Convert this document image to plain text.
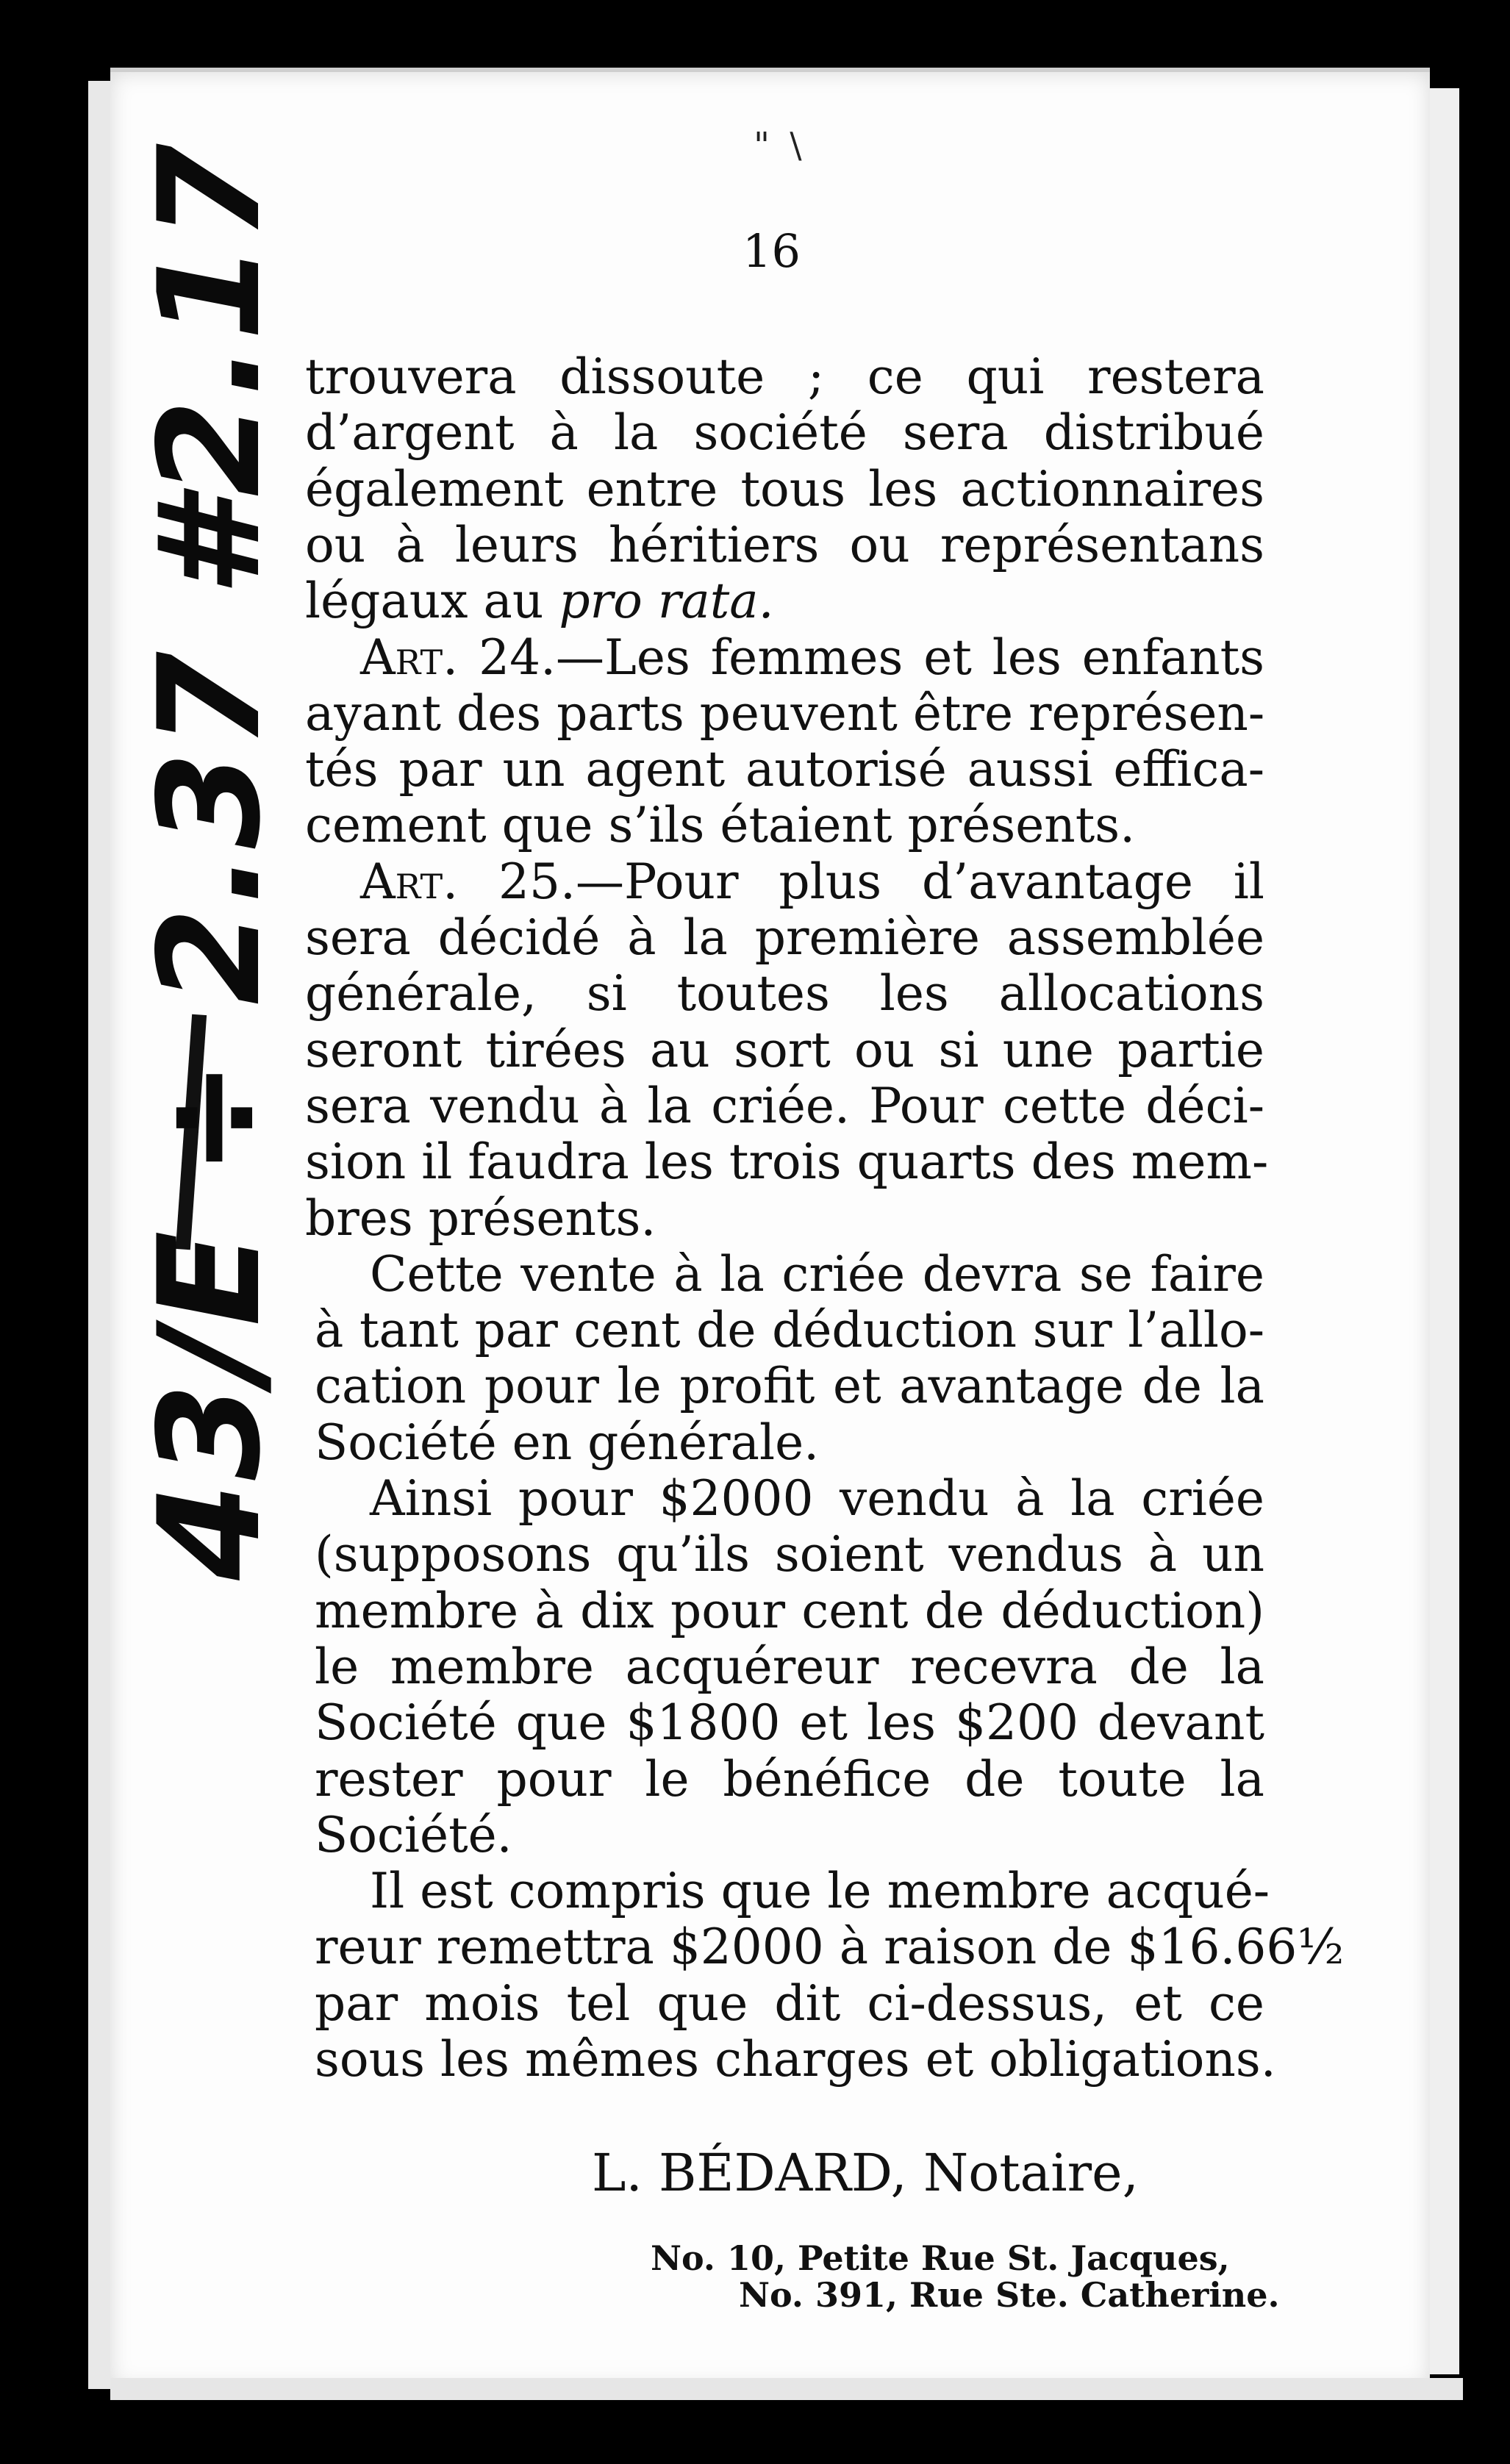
" \
16
trouvera dissoute ; ce qui restera
d’argent à la société sera distribué
également entre tous les actionnaires
ou à leurs héritiers ou représentans
légaux au pro rata.
Art. 24.—Les femmes et les enfants
ayant des parts peuvent être représen-
tés par un agent autorisé aussi effica-
cement que s’ils étaient présents.
Art. 25.—Pour plus d’avantage il
sera décidé à la première assemblée
générale, si toutes les allocations
seront tirées au sort ou si une partie
sera vendu à la criée. Pour cette déci-
sion il faudra les trois quarts des mem-
bres présents.
Cette vente à la criée devra se faire
à tant par cent de déduction sur l’allo-
cation pour le profit et avantage de la
Société en générale.
Ainsi pour $2000 vendu à la criée
(supposons qu’ils soient vendus à un
membre à dix pour cent de déduction)
le membre acquéreur recevra de la
Société que $1800 et les $200 devant
rester pour le bénéfice de toute la
Société.
Il est compris que le membre acqué-
reur remettra $2000 à raison de $16.66½
par mois tel que dit ci-dessus, et ce
sous les mêmes charges et obligations.
43/E ÷ 2.37 #2.17
L. BÉDARD, Notaire,
No. 10, Petite Rue St. Jacques,
No. 391, Rue Ste. Catherine.
